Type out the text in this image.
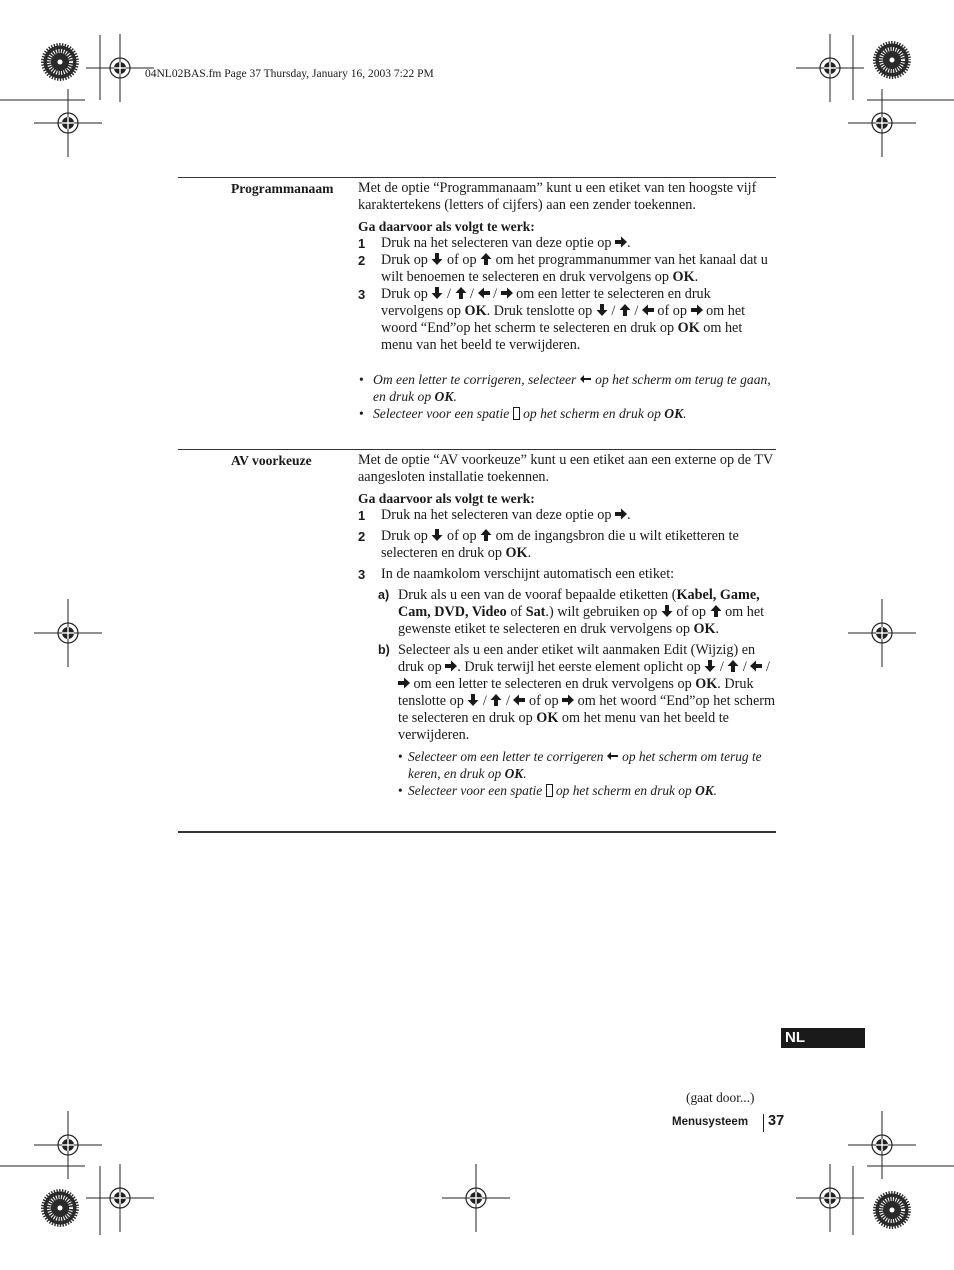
04NL02BAS.fm Page 37 Thursday, January 16, 2003 7:22 PM
Programmanaam Met de optie “Programmanaam” kunt u een etiket van ten hoogste vijf karaktertekens (letters of cijfers) aan een zender toekennen.

Ga daarvoor als volgt te werk:

1 Druk na het selecteren van deze optie op .
2 Druk op of op om het programmanummer van het kanaal dat u wilt benoemen te selecteren en druk vervolgens op OK.
3 Druk op
/
/
/
om een letter te selecteren en druk vervolgens op OK. Druk tenslotte op
/
/
of op om het woord “End”op het scherm te selecteren en druk op OK om het menu van het beeld te verwijderen.
• Om een letter te corrigeren, selecteer op het scherm om terug te gaan, en druk op OK.
• Selecteer voor een spatie op het scherm en druk op OK.
AV voorkeuze	Met de optie “AV voorkeuze” kunt u een etiket aan een externe op de TV aangesloten installatie toekennen.

Ga daarvoor als volgt te werk:

1 Druk na het selecteren van deze optie op .
2 Druk op of op om de ingangsbron die u wilt etiketteren te selecteren en druk op OK.
3 In de naamkolom verschijnt automatisch een etiket:
a) Druk als u een van de vooraf bepaalde etiketten (Kabel, Game, Cam, DVD, Video of Sat.) wilt gebruiken op of op om het gewenste etiket te selecteren en druk vervolgens op OK.
b) Selecteer als u een ander etiket wilt aanmaken Edit (Wijzig) en druk op . Druk terwijl het eerste element oplicht op
/
/
/
om een letter te selecteren en druk vervolgens op OK. Druk tenslotte op
/
/
of op om het woord “End”op het scherm te selecteren en druk op OK om het menu van het beeld te verwijderen.
• Selecteer om een letter te corrigeren op het scherm om terug te keren, en druk op OK.
• Selecteer voor een spatie op het scherm en druk op OK.
NL
(gaat door...)
Menusysteem 37
